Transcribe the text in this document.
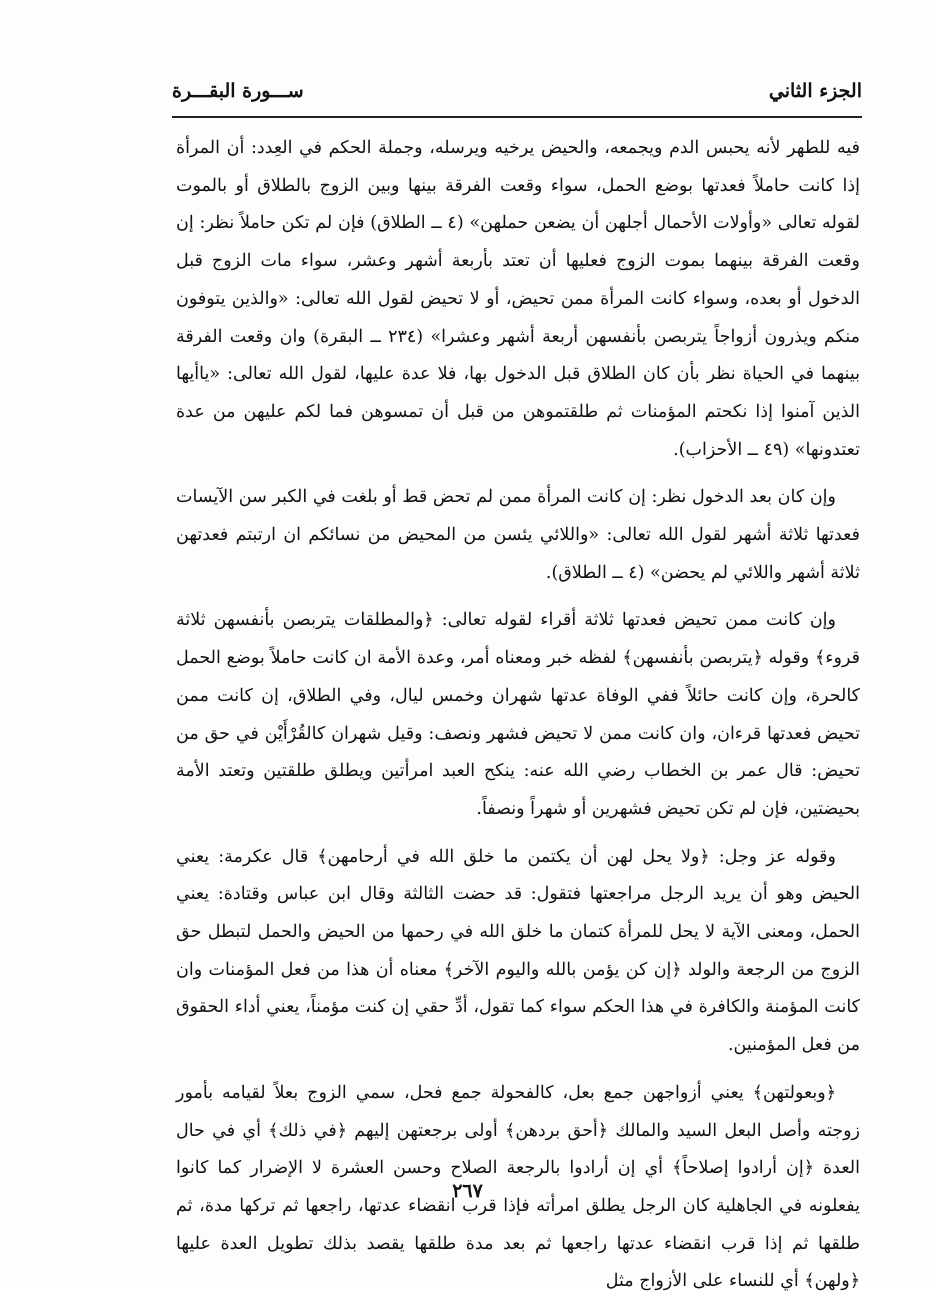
الجزء الثاني
ســـورة البقـــرة

فيه للطهر لأنه يحبس الدم ويجمعه، والحيض يرخيه ويرسله، وجملة الحكم في العِدد: أن المرأة إذا كانت حاملاً فعدتها بوضع الحمل، سواء وقعت الفرقة بينها وبين الزوج بالطلاق أو بالموت لقوله تعالى «وأولات الأحمال أجلهن أن يضعن حملهن» (٤ ــ الطلاق) فإن لم تكن حاملاً نظر: إن وقعت الفرقة بينهما بموت الزوج فعليها أن تعتد بأربعة أشهر وعشر، سواء مات الزوج قبل الدخول أو بعده، وسواء كانت المرأة ممن تحيض، أو لا تحيض لقول الله تعالى: «والذين يتوفون منكم ويذرون أزواجاً يتربصن بأنفسهن أربعة أشهر وعشرا» (٢٣٤ ــ البقرة) وان وقعت الفرقة بينهما في الحياة نظر بأن كان الطلاق قبل الدخول بها، فلا عدة عليها، لقول الله تعالى: «ياأيها الذين آمنوا إذا نكحتم المؤمنات ثم طلقتموهن من قبل أن تمسوهن فما لكم عليهن من عدة تعتدونها» (٤٩ ــ الأحزاب).

وإن كان بعد الدخول نظر: إن كانت المرأة ممن لم تحض قط أو بلغت في الكبر سن الآيسات فعدتها ثلاثة أشهر لقول الله تعالى: «واللائي يئسن من المحيض من نسائكم ان ارتبتم فعدتهن ثلاثة أشهر واللائي لم يحضن» (٤ ــ الطلاق).

وإن كانت ممن تحيض فعدتها ثلاثة أقراء لقوله تعالى: ﴿والمطلقات يتربصن بأنفسهن ثلاثة قروء﴾ وقوله ﴿يتربصن بأنفسهن﴾ لفظه خبر ومعناه أمر، وعدة الأمة ان كانت حاملاً بوضع الحمل كالحرة، وإن كانت حائلاً ففي الوفاة عدتها شهران وخمس ليال، وفي الطلاق، إن كانت ممن تحيض فعدتها قرءان، وان كانت ممن لا تحيض فشهر ونصف: وقيل شهران كالقُرْأَيْن في حق من تحيض: قال عمر بن الخطاب رضي الله عنه: ينكح العبد امرأتين ويطلق طلقتين وتعتد الأمة بحيضتين، فإن لم تكن تحيض فشهرين أو شهراً ونصفاً.

وقوله عز وجل: ﴿ولا يحل لهن أن يكتمن ما خلق الله في أرحامهن﴾ قال عكرمة: يعني الحيض وهو أن يريد الرجل مراجعتها فتقول: قد حضت الثالثة وقال ابن عباس وقتادة: يعني الحمل، ومعنى الآية لا يحل للمرأة كتمان ما خلق الله في رحمها من الحيض والحمل لتبطل حق الزوج من الرجعة والولد ﴿إن كن يؤمن بالله واليوم الآخر﴾ معناه أن هذا من فعل المؤمنات وان كانت المؤمنة والكافرة في هذا الحكم سواء كما تقول، أدِّ حقي إن كنت مؤمناً، يعني أداء الحقوق من فعل المؤمنين.

﴿وبعولتهن﴾ يعني أزواجهن جمع بعل، كالفحولة جمع فحل، سمي الزوج بعلاً لقيامه بأمور زوجته وأصل البعل السيد والمالك ﴿أحق بردهن﴾ أولى برجعتهن إليهم ﴿في ذلك﴾ أي في حال العدة ﴿إن أرادوا إصلاحاً﴾ أي إن أرادوا بالرجعة الصلاح وحسن العشرة لا الإضرار كما كانوا يفعلونه في الجاهلية كان الرجل يطلق امرأته فإذا قرب انقضاء عدتها، راجعها ثم تركها مدة، ثم طلقها ثم إذا قرب انقضاء عدتها راجعها ثم بعد مدة طلقها يقصد بذلك تطويل العدة عليها ﴿ولهن﴾ أي للنساء على الأزواج مثل

٢٦٧
